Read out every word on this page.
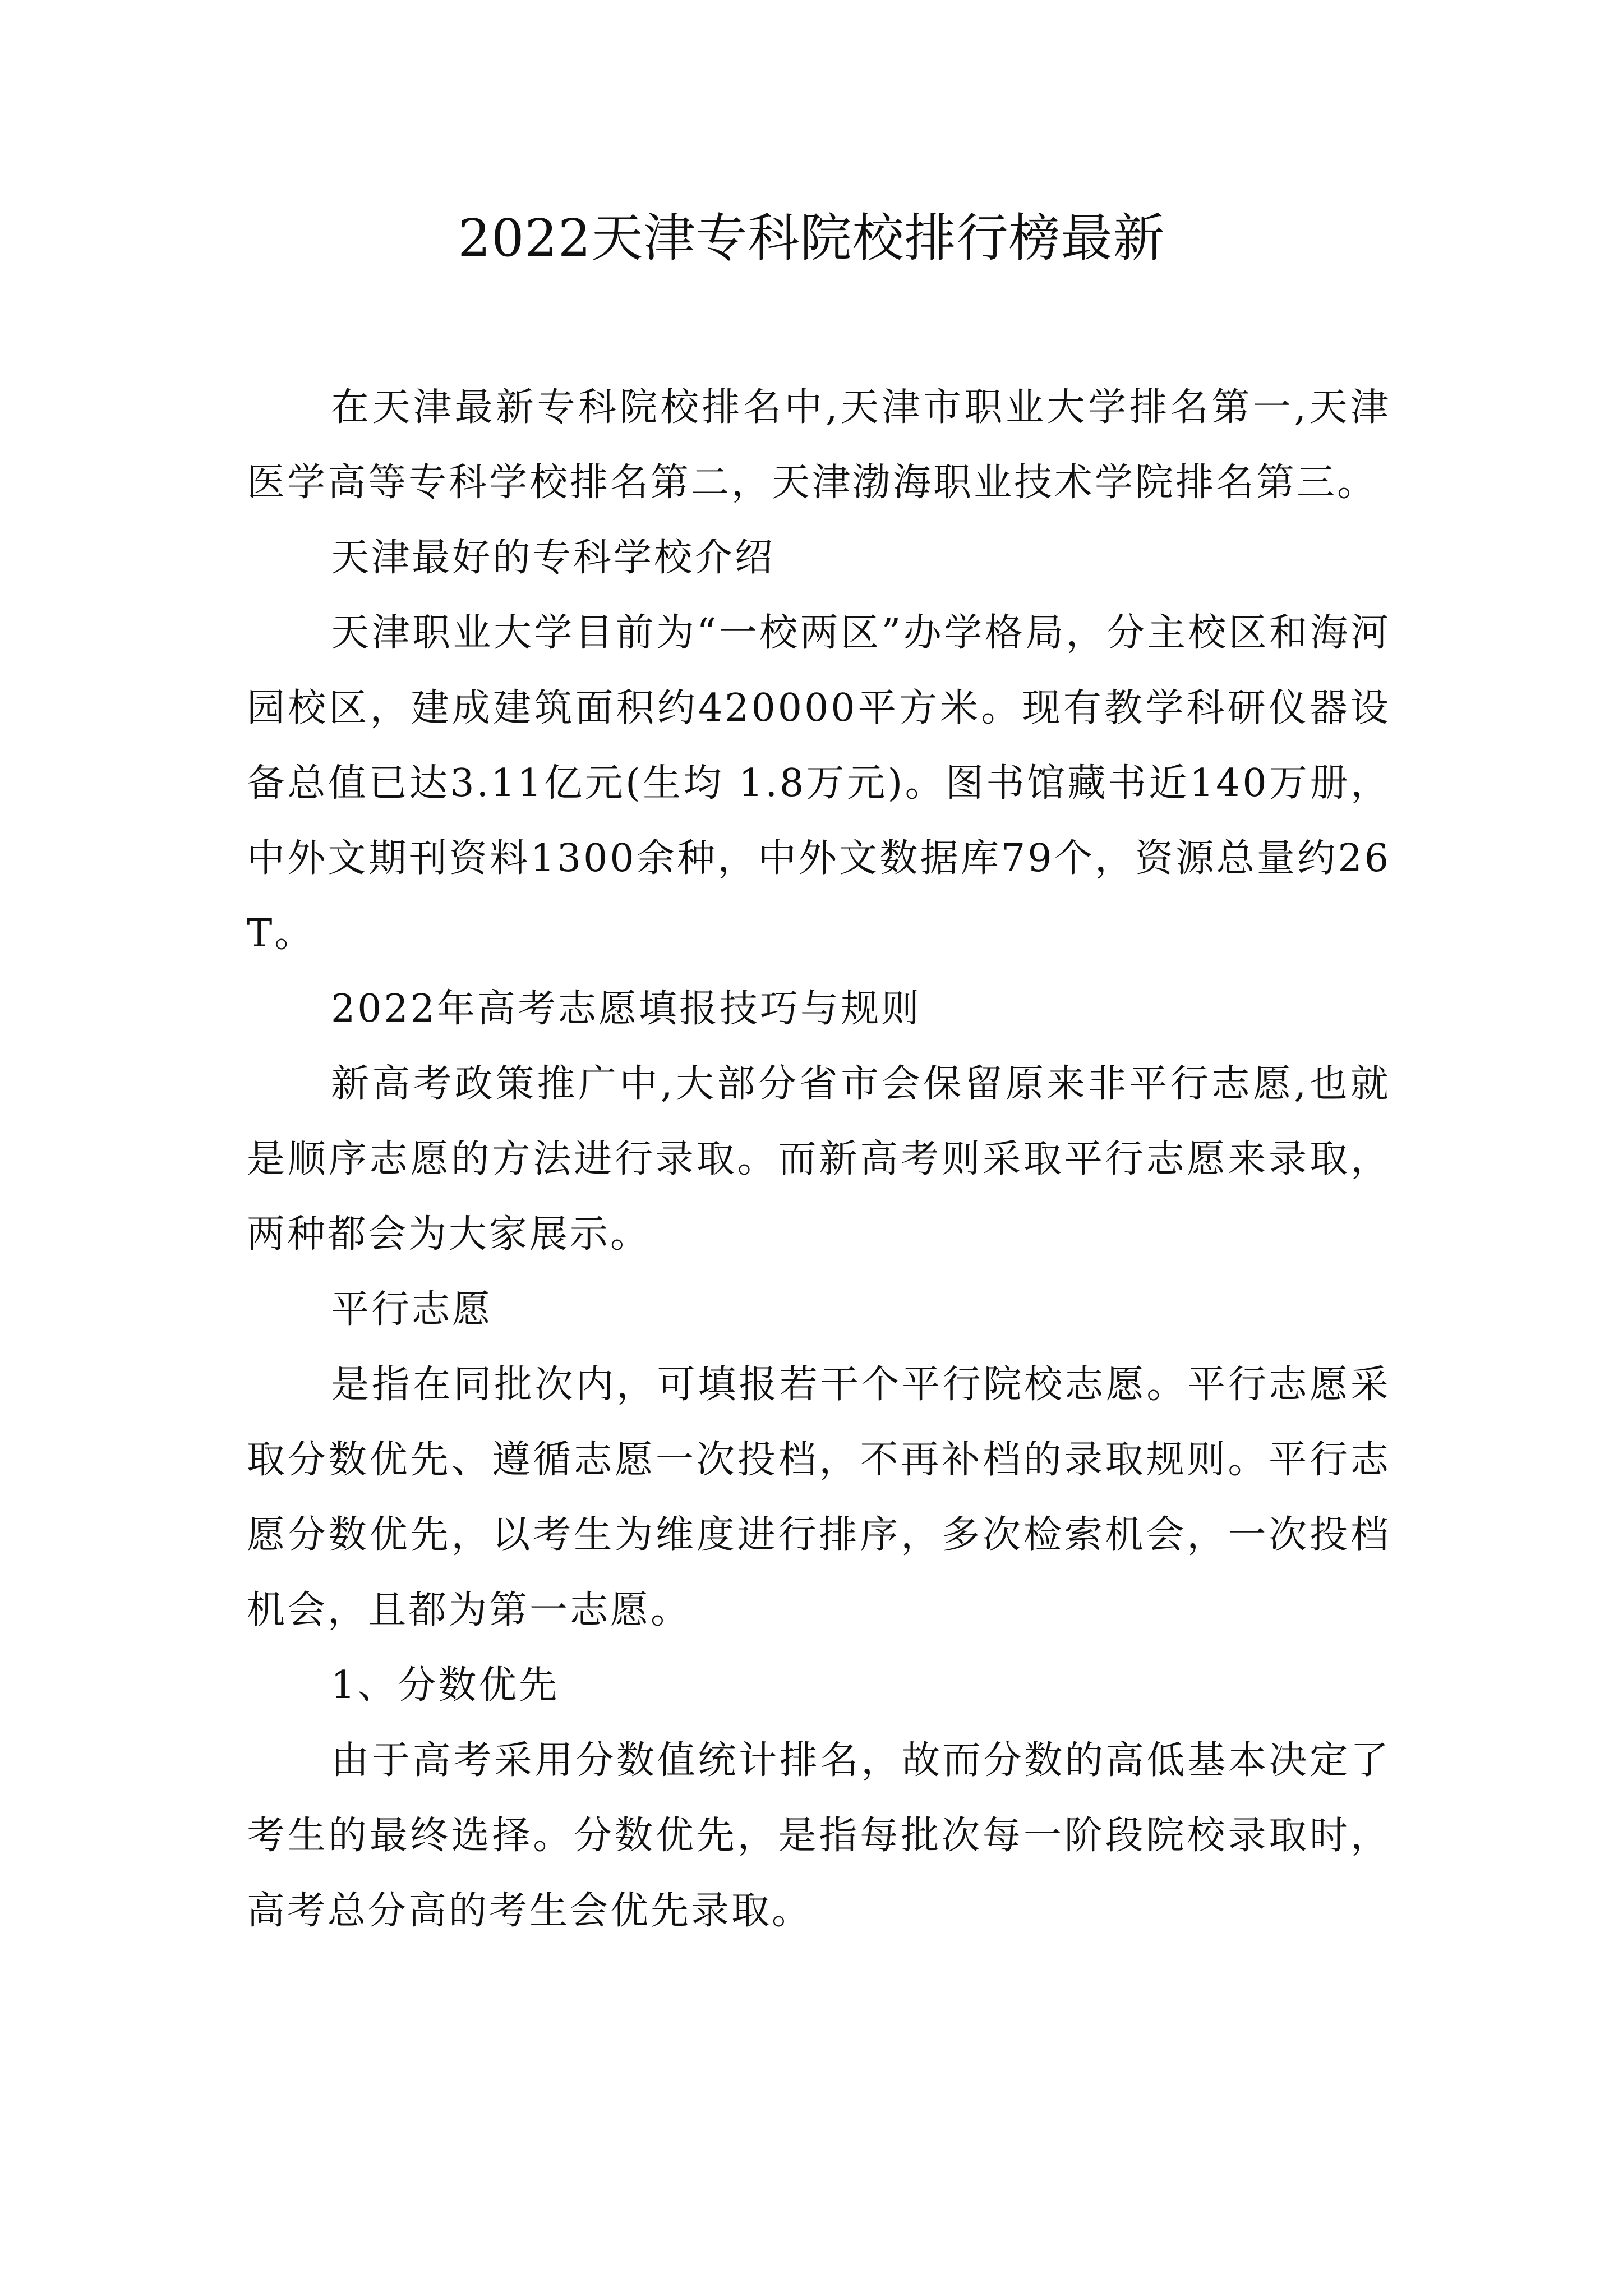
2022天津专科院校排行榜最新

在天津最新专科院校排名中,天津市职业大学排名第一,天津医学高等专科学校排名第二，天津渤海职业技术学院排名第三。

天津最好的专科学校介绍

天津职业大学目前为“一校两区”办学格局，分主校区和海河园校区，建成建筑面积约420000平方米。现有教学科研仪器设备总值已达3.11亿元(生均 1.8万元)。图书馆藏书近140万册，中外文期刊资料1300余种，中外文数据库79个，资源总量约26T。

2022年高考志愿填报技巧与规则

新高考政策推广中,大部分省市会保留原来非平行志愿,也就是顺序志愿的方法进行录取。而新高考则采取平行志愿来录取，两种都会为大家展示。

平行志愿

是指在同批次内，可填报若干个平行院校志愿。平行志愿采取分数优先、遵循志愿一次投档，不再补档的录取规则。平行志愿分数优先，以考生为维度进行排序，多次检索机会，一次投档机会，且都为第一志愿。

1、分数优先

由于高考采用分数值统计排名，故而分数的高低基本决定了考生的最终选择。分数优先，是指每批次每一阶段院校录取时，高考总分高的考生会优先录取。
